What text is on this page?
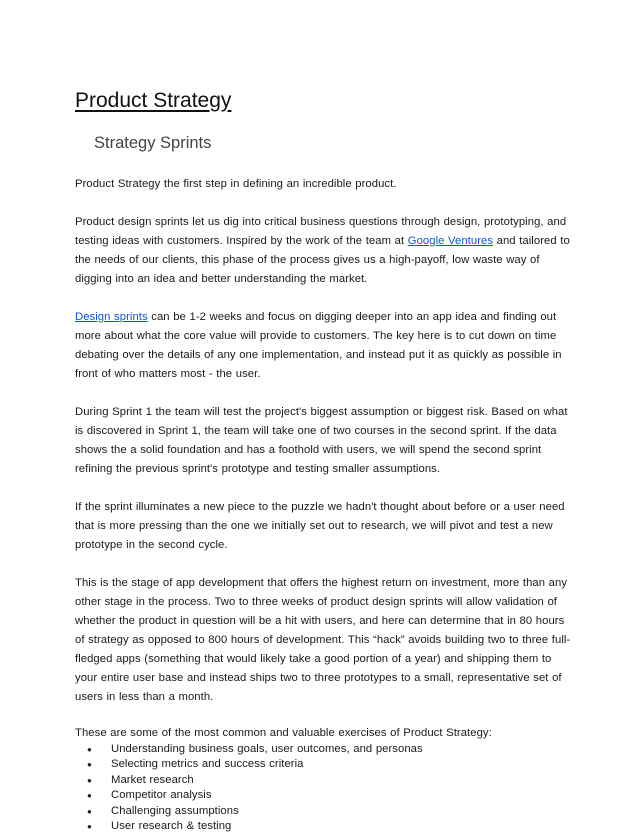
Product Strategy
Strategy Sprints

Product Strategy the first step in defining an incredible product.

Product design sprints let us dig into critical business questions through design, prototyping, and testing ideas with customers. Inspired by the work of the team at Google Ventures and tailored to the needs of our clients, this phase of the process gives us a high-payoff, low waste way of digging into an idea and better understanding the market.

Design sprints can be 1-2 weeks and focus on digging deeper into an app idea and finding out more about what the core value will provide to customers. The key here is to cut down on time debating over the details of any one implementation, and instead put it as quickly as possible in front of who matters most - the user.

During Sprint 1 the team will test the project's biggest assumption or biggest risk. Based on what is discovered in Sprint 1, the team will take one of two courses in the second sprint. If the data shows the a solid foundation and has a foothold with users, we will spend the second sprint refining the previous sprint's prototype and testing smaller assumptions.

If the sprint illuminates a new piece to the puzzle we hadn't thought about before or a user need that is more pressing than the one we initially set out to research, we will pivot and test a new prototype in the second cycle.

This is the stage of app development that offers the highest return on investment, more than any other stage in the process. Two to three weeks of product design sprints will allow validation of whether the product in question will be a hit with users, and here can determine that in 80 hours of strategy as opposed to 800 hours of development. This “hack” avoids building two to three full-fledged apps (something that would likely take a good portion of a year) and shipping them to your entire user base and instead ships two to three prototypes to a small, representative set of users in less than a month.

These are some of the most common and valuable exercises of Product Strategy:
● Understanding business goals, user outcomes, and personas
● Selecting metrics and success criteria
● Market research
● Competitor analysis
● Challenging assumptions
● User research & testing
